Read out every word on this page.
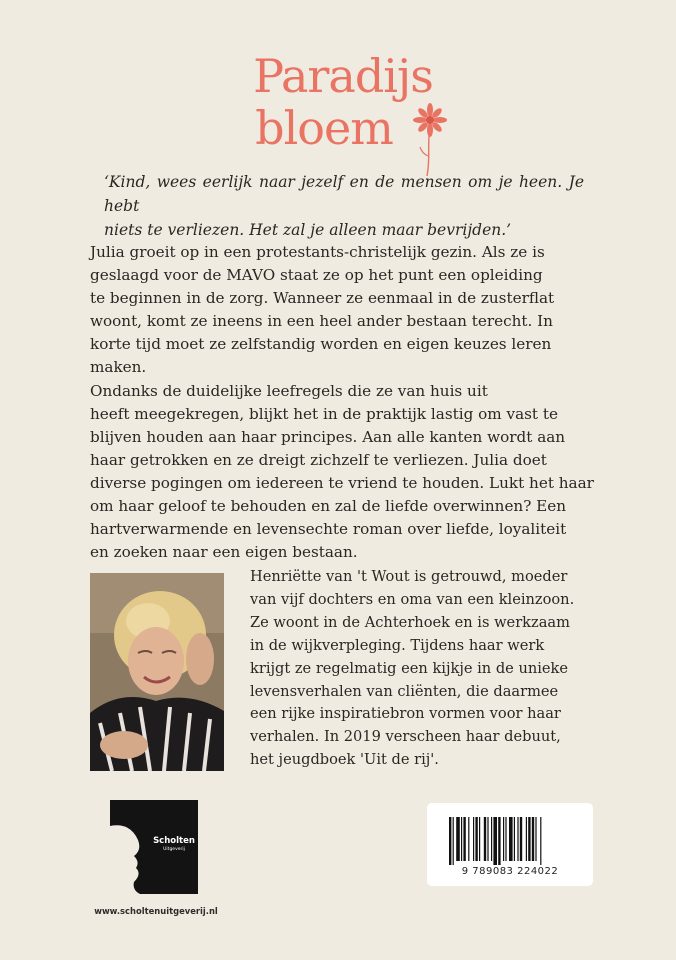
Paradijs
bloem
‘Kind, wees eerlijk naar jezelf en de mensen om je heen. Je hebt
niets te verliezen. Het zal je alleen maar bevrijden.’
Julia groeit op in een protestants-christelijk gezin. Als ze is
geslaagd voor de MAVO staat ze op het punt een opleiding
te beginnen in de zorg. Wanneer ze eenmaal in de zusterflat
woont, komt ze ineens in een heel ander bestaan terecht. In
korte tijd moet ze zelfstandig worden en eigen keuzes leren
maken.
Ondanks de duidelijke leefregels die ze van huis uit
heeft meegekregen, blijkt het in de praktijk lastig om vast te
blijven houden aan haar principes. Aan alle kanten wordt aan
haar getrokken en ze dreigt zichzelf te verliezen. Julia doet
diverse pogingen om iedereen te vriend te houden. Lukt het haar
om haar geloof te behouden en zal de liefde overwinnen? Een
hartverwarmende en levensechte roman over liefde, loyaliteit
en zoeken naar een eigen bestaan.
Henriëtte van 't Wout is getrouwd, moeder
van vijf dochters en oma van een kleinzoon.
Ze woont in de Achterhoek en is werkzaam
in de wijkverpleging. Tijdens haar werk
krijgt ze regelmatig een kijkje in de unieke
levensverhalen van cliënten, die daarmee
een rijke inspiratiebron vormen voor haar
verhalen. In 2019 verscheen haar debuut,
het jeugdboek 'Uit de rij'.
Scholten
Uitgeverij
www.scholtenuitgeverij.nl
9 789083 224022
